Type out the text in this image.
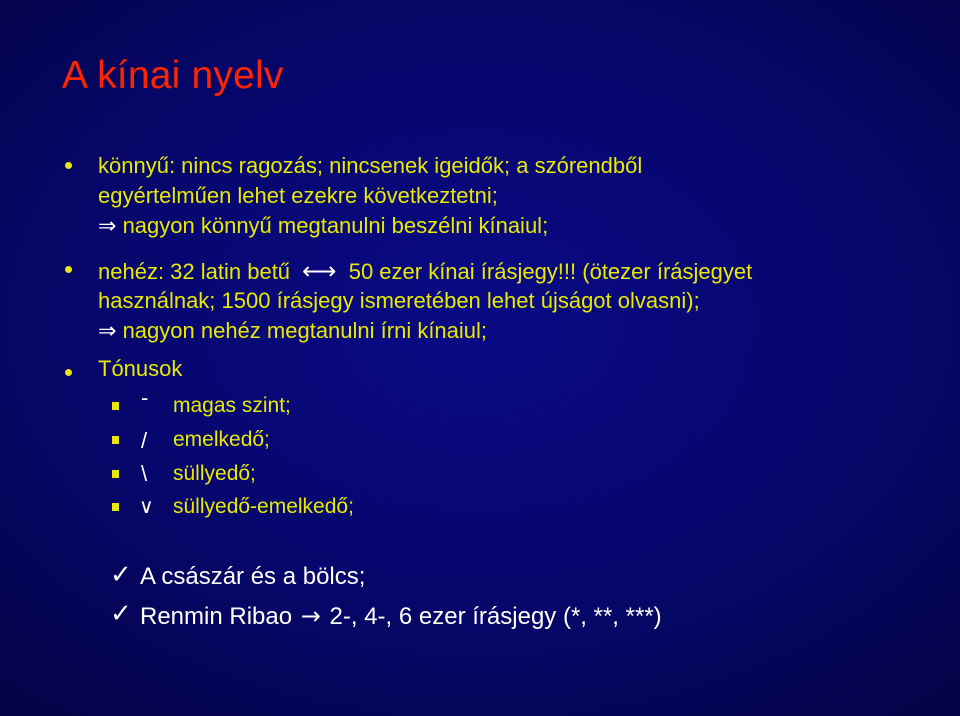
A kínai nyelv
könnyű: nincs ragozás; nincsenek igeidők; a szórendből
egyértelműen lehet ezekre következtetni;
⇒ nagyon könnyű megtanulni beszélni kínaiul;
nehéz: 32 latin betű ⟷ 50 ezer kínai írásjegy!!! (ötezer írásjegyet
használnak; 1500 írásjegy ismeretében lehet újságot olvasni);
⇒ nagyon nehéz megtanulni írni kínaiul;
Tónusok
- magas szint;
/ emelkedő;
\ süllyedő;
∨ süllyedő-emelkedő;
✓ A császár és a bölcs;
✓ Renmin Ribao → 2-, 4-, 6 ezer írásjegy (*, **, ***)
